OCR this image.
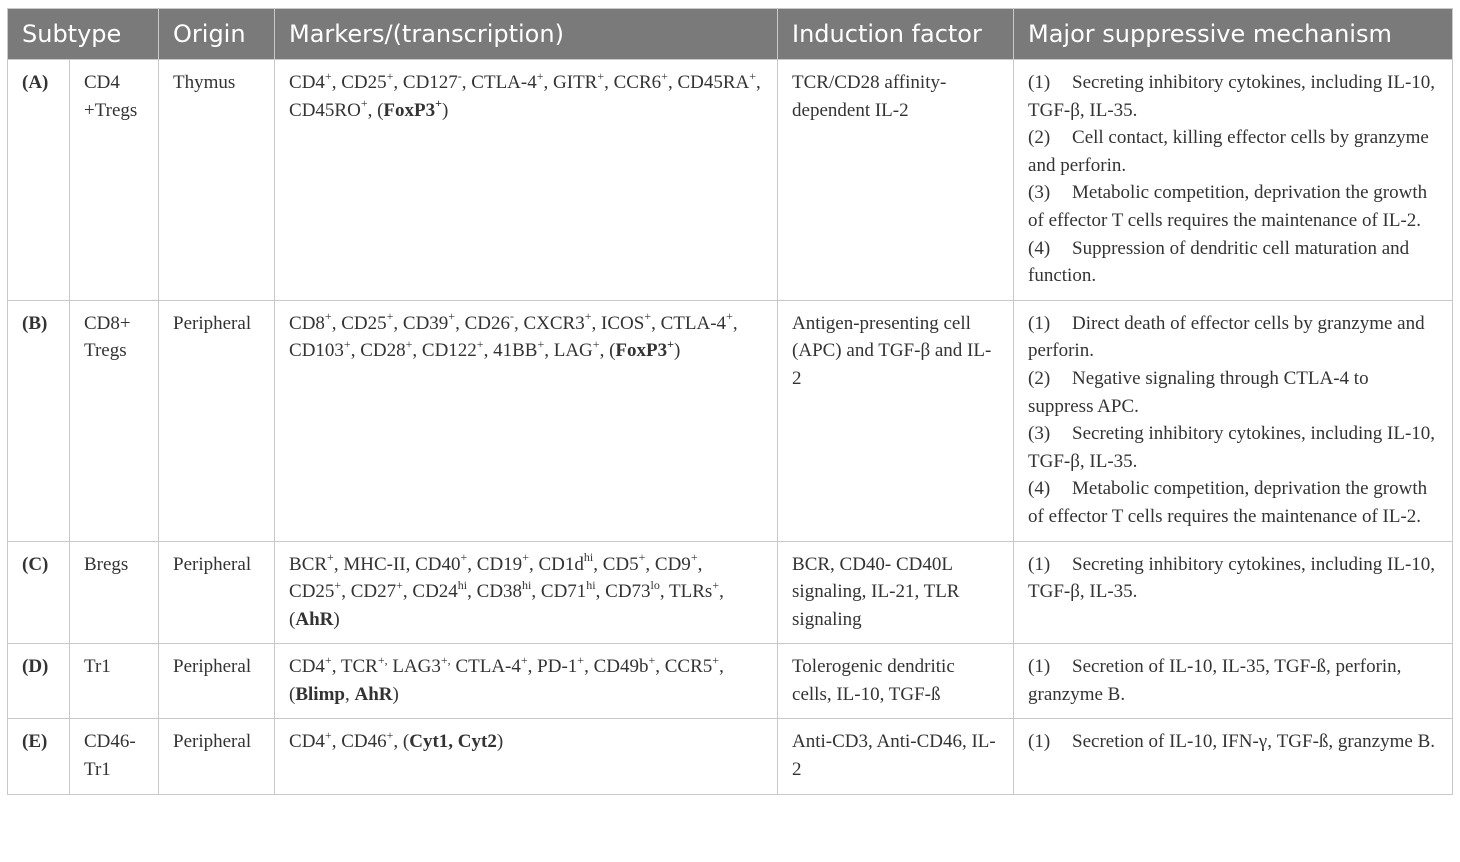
Subtype		Origin	Markers/(transcription)	Induction factor	Major suppressive mechanism
(A)	CD4 +Tregs	Thymus	CD4+, CD25+, CD127-, CTLA-4+, GITR+, CCR6+, CD45RA+, CD45RO+, (FoxP3+)	TCR/CD28 affinity-dependent IL-2	(1) Secreting inhibitory cytokines, including IL-10, TGF-β, IL-35.
(2) Cell contact, killing effector cells by granzyme and perforin.
(3) Metabolic competition, deprivation the growth of effector T cells requires the maintenance of IL-2.
(4) Suppression of dendritic cell maturation and function.

(B)	CD8+ Tregs	Peripheral	CD8+, CD25+, CD39+, CD26-, CXCR3+, ICOS+, CTLA-4+, CD103+, CD28+, CD122+, 41BB+, LAG+, (FoxP3+)	Antigen-presenting cell (APC) and TGF-β and IL-2	(1) Direct death of effector cells by granzyme and perforin.
(2) Negative signaling through CTLA-4 to suppress APC.
(3) Secreting inhibitory cytokines, including IL-10, TGF-β, IL-35.
(4) Metabolic competition, deprivation the growth of effector T cells requires the maintenance of IL-2.

(C)	Bregs	Peripheral	BCR+, MHC-II, CD40+, CD19+, $CD1d^{hi}$, CD5+, CD9+, CD25+, CD27+, $CD24^{hi}$, $CD38^{hi}$, $CD71^{hi}$, $CD73^{lo}$, TLRs+, (AhR)	BCR, CD40- CD40L signaling, IL-21, TLR signaling	(1) Secreting inhibitory cytokines, including IL-10, TGF-β, IL-35.

(D)	Tr1	Peripheral	CD4+, TCR+, LAG3+, CTLA-4+, PD-1+, CD49b+, CCR5+, (Blimp, AhR)	Tolerogenic dendritic cells, IL-10, TGF-ß	(1) Secretion of IL-10, IL-35, TGF-ß, perforin, granzyme B.

(E)	CD46- Tr1	Peripheral	CD4+, CD46+, (Cyt1, Cyt2)	Anti-CD3, Anti-CD46, IL-2	(1) Secretion of IL-10, IFN-γ, TGF-ß, granzyme B.
